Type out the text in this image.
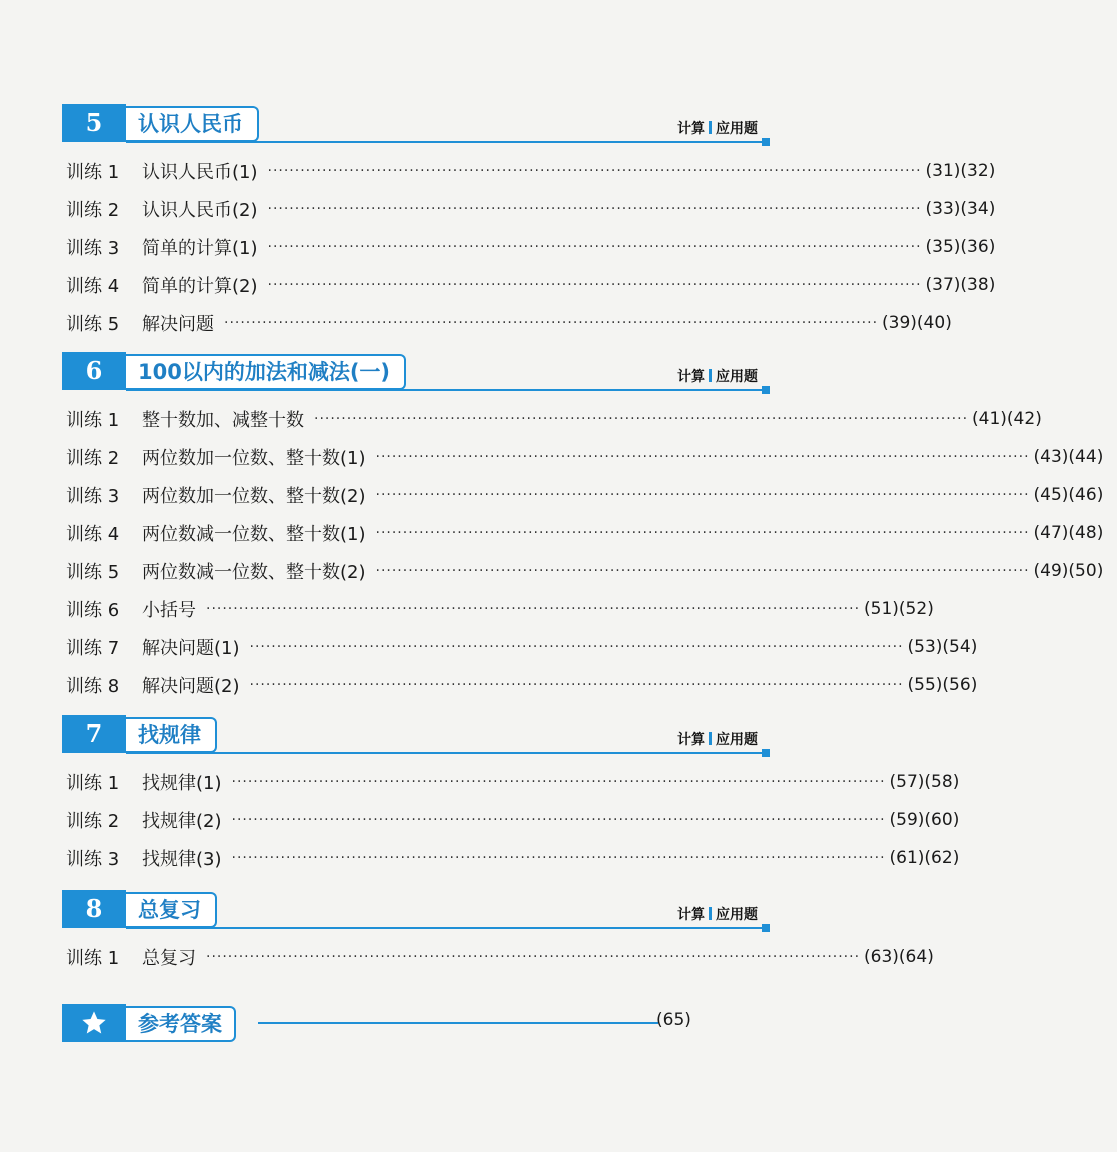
5	认识人民币	计算 应用题
训练 1	认识人民币(1) ························································································································ (31)(32)
训练 2	认识人民币(2) ························································································································ (33)(34)
训练 3	简单的计算(1) ························································································································ (35)(36)
训练 4	简单的计算(2) ························································································································ (37)(38)
训练 5	解决问题 ························································································································ (39)(40)
6	100以内的加法和减法(一)	计算 应用题
训练 1	整十数加、减整十数 ························································································································ (41)(42)
训练 2	两位数加一位数、整十数(1) ························································································································ (43)(44)
训练 3	两位数加一位数、整十数(2) ························································································································ (45)(46)
训练 4	两位数减一位数、整十数(1) ························································································································ (47)(48)
训练 5	两位数减一位数、整十数(2) ························································································································ (49)(50)
训练 6	小括号 ························································································································ (51)(52)
训练 7	解决问题(1) ························································································································ (53)(54)
训练 8	解决问题(2) ························································································································ (55)(56)
7	找规律	计算 应用题
训练 1	找规律(1) ························································································································ (57)(58)
训练 2	找规律(2) ························································································································ (59)(60)
训练 3	找规律(3) ························································································································ (61)(62)
8	总复习	计算 应用题
训练 1	总复习 ························································································································ (63)(64)
参考答案	(65)
